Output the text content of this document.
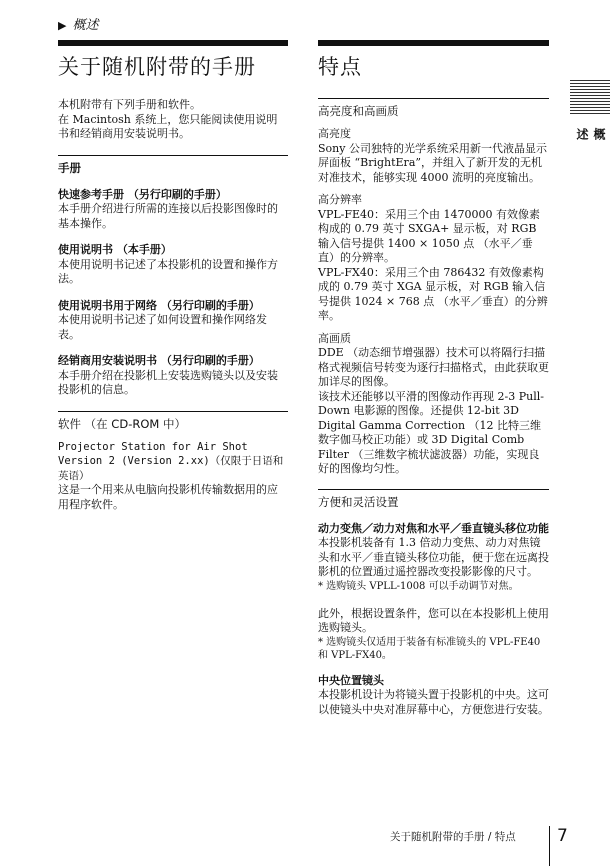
▶ 概述
关于随机附带的手册
本机附带有下列手册和软件。
在 Macintosh 系统上，您只能阅读使用说明书和经销商用安装说明书。
手册
快速参考手册 （另行印刷的手册）
本手册介绍进行所需的连接以后投影图像时的基本操作。
使用说明书 （本手册）
本使用说明书记述了本投影机的设置和操作方法。
使用说明书用于网络 （另行印刷的手册）
本使用说明书记述了如何设置和操作网络发表。
经销商用安装说明书 （另行印刷的手册）
本手册介绍在投影机上安装选购镜头以及安装投影机的信息。
软件 （在 CD-ROM 中）
Projector Station for Air Shot Version 2 (Version 2.xx)（仅限于日语和英语）
这是一个用来从电脑向投影机传输数据用的应用程序软件。
特点
高亮度和高画质
高亮度
Sony 公司独特的光学系统采用新一代液晶显示屏面板 “BrightEra”，并组入了新开发的无机对准技术，能够实现 4000 流明的亮度输出。
高分辨率
VPL-FE40：采用三个由 1470000 有效像素构成的 0.79 英寸 SXGA+ 显示板，对 RGB 输入信号提供 1400 × 1050 点 （水平／垂直）的分辨率。
VPL-FX40：采用三个由 786432 有效像素构成的 0.79 英寸 XGA 显示板，对 RGB 输入信号提供 1024 × 768 点 （水平／垂直）的分辨率。
高画质
DDE （动态细节增强器）技术可以将隔行扫描格式视频信号转变为逐行扫描格式，由此获取更加详尽的图像。
该技术还能够以平滑的图像动作再现 2-3 Pull-Down 电影源的图像。还提供 12-bit 3D Digital Gamma Correction （12 比特三维数字伽马校正功能）或 3D Digital Comb Filter （三维数字梳状滤波器）功能，实现良好的图像均匀性。
方便和灵活设置
动力变焦／动力对焦和水平／垂直镜头移位功能
本投影机装备有 1.3 倍动力变焦、动力对焦镜头和水平／垂直镜头移位功能，便于您在远离投影机的位置通过遥控器改变投影影像的尺寸。
* 选购镜头 VPLL-1008 可以手动调节对焦。
此外，根据设置条件，您可以在本投影机上使用选购镜头。
* 选购镜头仅适用于装备有标准镜头的 VPL-FE40 和 VPL-FX40。
中央位置镜头
本投影机设计为将镜头置于投影机的中央。这可以使镜头中央对准屏幕中心，方便您进行安装。
概述
关于随机附带的手册 / 特点 7
